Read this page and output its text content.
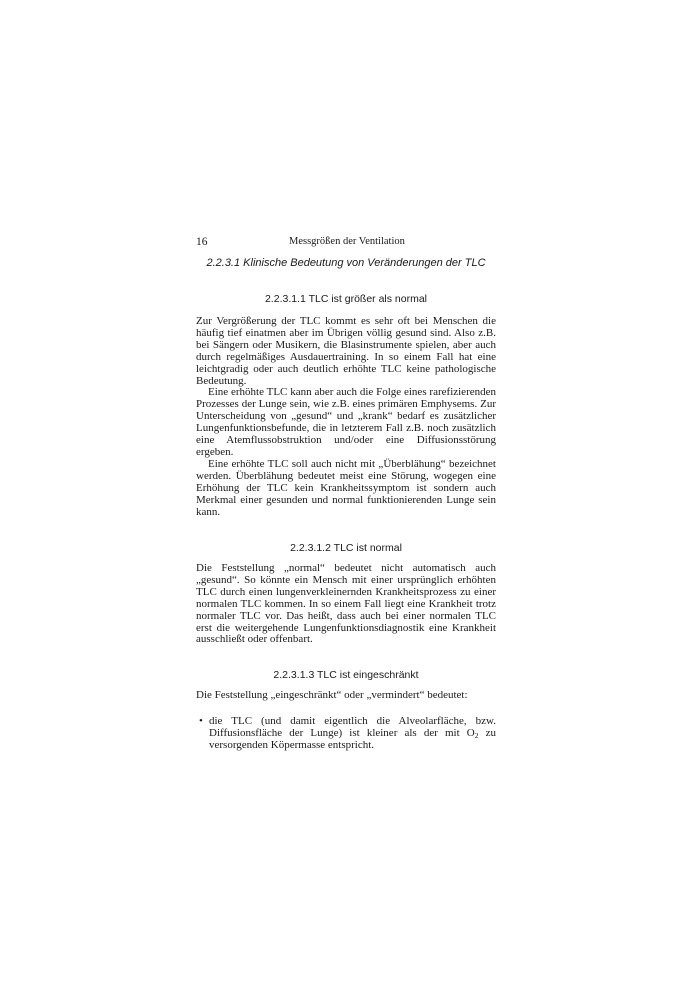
16	Messgrößen der Ventilation
2.2.3.1 Klinische Bedeutung von Veränderungen der TLC
2.2.3.1.1 TLC ist größer als normal

Zur Vergrößerung der TLC kommt es sehr oft bei Menschen die häufig tief einatmen aber im Übrigen völlig gesund sind. Also z.B. bei Sängern oder Musikern, die Blasinstrumente spielen, aber auch durch regelmäßiges Ausdauertraining. In so einem Fall hat eine leichtgradig oder auch deutlich erhöhte TLC keine pathologische Bedeutung.

Eine erhöhte TLC kann aber auch die Folge eines rarefizierenden Prozesses der Lunge sein, wie z.B. eines primären Emphysems. Zur Unterscheidung von „gesund“ und „krank“ bedarf es zusätzlicher Lungenfunktionsbefunde, die in letzterem Fall z.B. noch zusätzlich eine Atemflussobstruktion und/oder eine Diffusionsstörung ergeben.

Eine erhöhte TLC soll auch nicht mit „Überblähung“ bezeichnet werden. Überblähung bedeutet meist eine Störung, wogegen eine Erhöhung der TLC kein Krankheitssymptom ist sondern auch Merkmal einer gesunden und normal funktionierenden Lunge sein kann.

2.2.3.1.2 TLC ist normal

Die Feststellung „normal“ bedeutet nicht automatisch auch „gesund“. So könnte ein Mensch mit einer ursprünglich erhöhten TLC durch einen lungenverkleinernden Krankheitsprozess zu einer normalen TLC kommen. In so einem Fall liegt eine Krankheit trotz normaler TLC vor. Das heißt, dass auch bei einer normalen TLC erst die weitergehende Lungenfunktionsdiagnostik eine Krankheit ausschließt oder offenbart.

2.2.3.1.3 TLC ist eingeschränkt

Die Feststellung „eingeschränkt“ oder „vermindert“ bedeutet:

• die TLC (und damit eigentlich die Alveolarfläche, bzw. Diffusionsfläche der Lunge) ist kleiner als der mit $O_2$ zu versorgenden Köpermasse entspricht.
